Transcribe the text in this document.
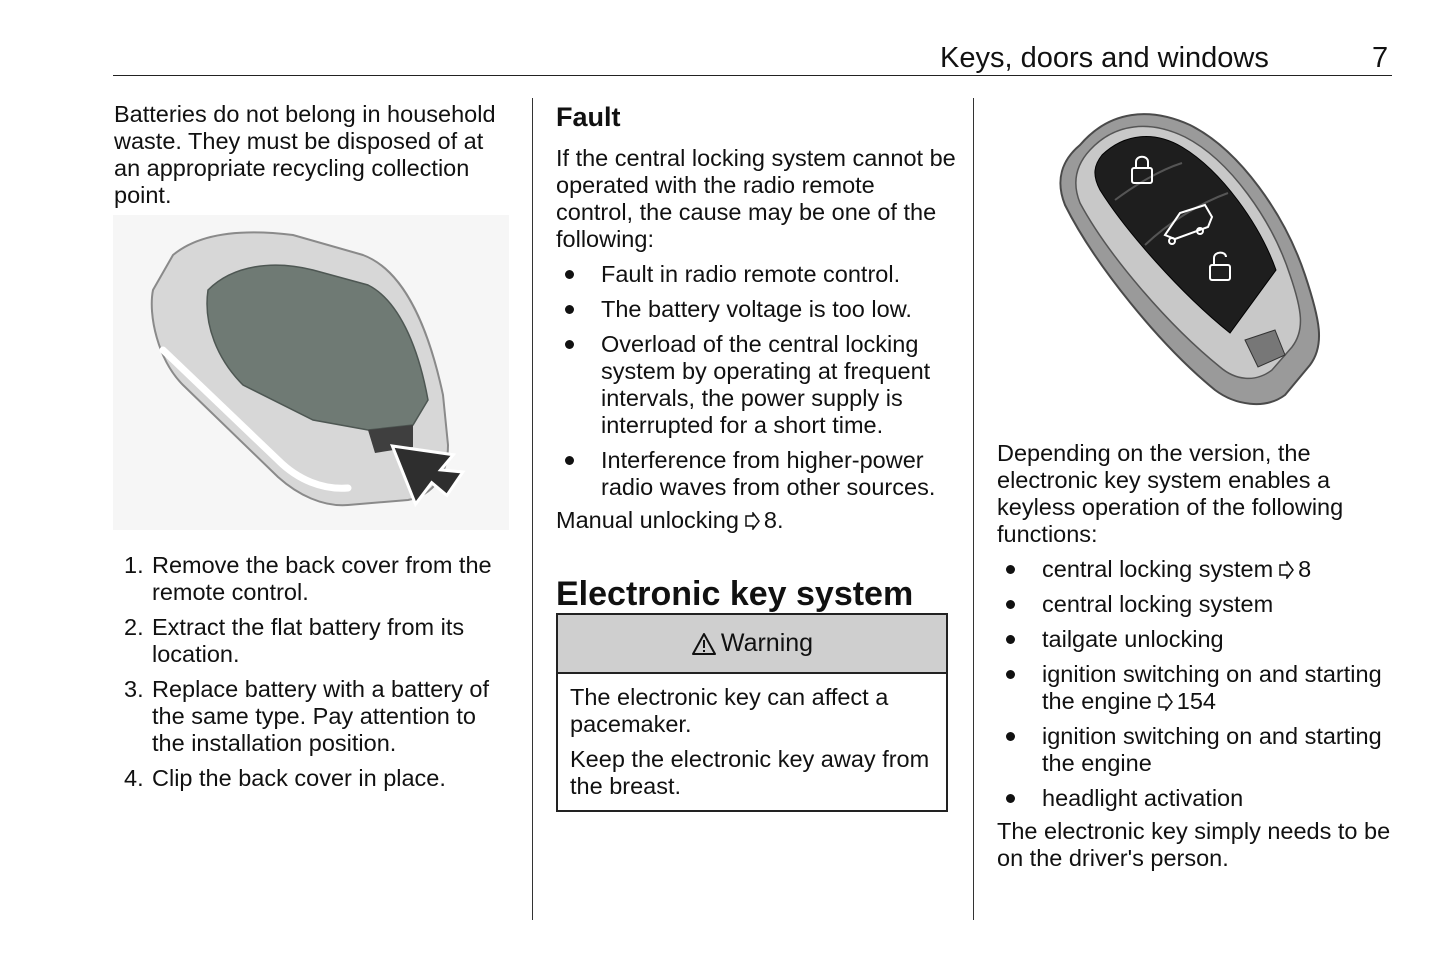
Keys, doors and windows	7

Batteries do not belong in household waste. They must be disposed of at an appropriate recycling collection point.

1. Remove the back cover from the remote control.
2. Extract the flat battery from its location.
3. Replace battery with a battery of the same type. Pay attention to the installation position.
4. Clip the back cover in place.
Fault

If the central locking system cannot be operated with the radio remote control, the cause may be one of the following:

Fault in radio remote control.
The battery voltage is too low.
Overload of the central locking system by operating at frequent intervals, the power supply is interrupted for a short time.
Interference from higher-power radio waves from other sources.

Manual unlocking 8.

Electronic key system
Warning

The electronic key can affect a pacemaker.

Keep the electronic key away from the breast.

Depending on the version, the electronic key system enables a keyless operation of the following functions:

central locking system 8
central locking system
tailgate unlocking
ignition switching on and starting the engine 154
ignition switching on and starting the engine
headlight activation

The electronic key simply needs to be on the driver's person.
